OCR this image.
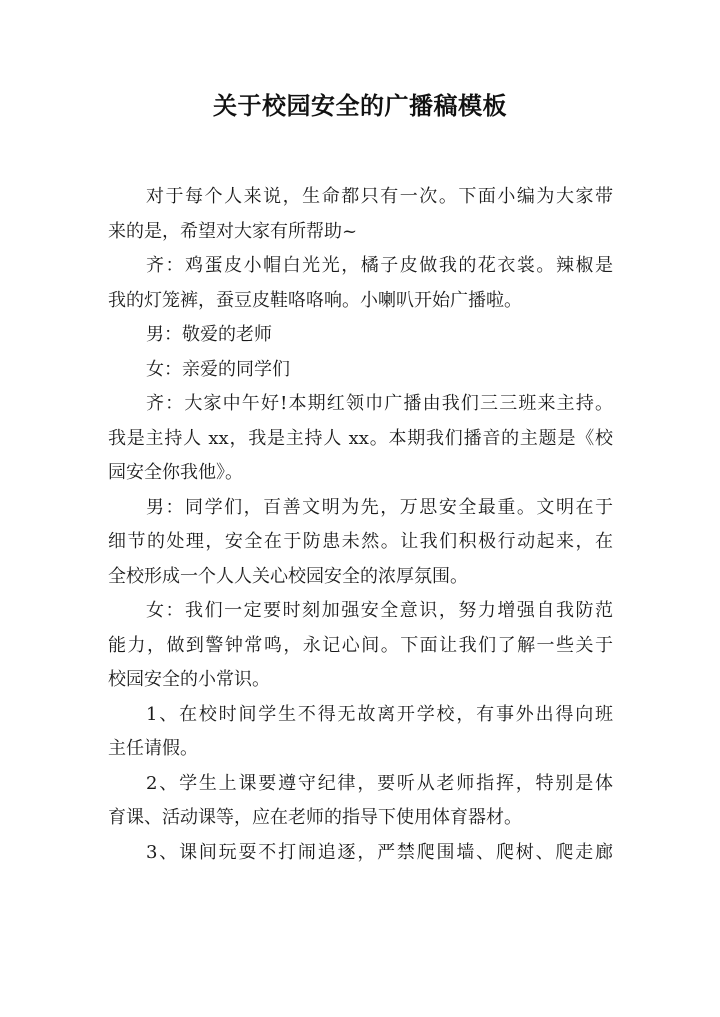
关于校园安全的广播稿模板
对于每个人来说，生命都只有一次。下面小编为大家带
来的是，希望对大家有所帮助~
齐：鸡蛋皮小帽白光光，橘子皮做我的花衣裳。辣椒是
我的灯笼裤，蚕豆皮鞋咯咯响。小喇叭开始广播啦。
男：敬爱的老师
女：亲爱的同学们
齐：大家中午好!本期红领巾广播由我们三三班来主持。
我是主持人 xx，我是主持人 xx。本期我们播音的主题是《校
园安全你我他》。
男：同学们，百善文明为先，万思安全最重。文明在于
细节的处理，安全在于防患未然。让我们积极行动起来，在
全校形成一个人人关心校园安全的浓厚氛围。
女：我们一定要时刻加强安全意识，努力增强自我防范
能力，做到警钟常鸣，永记心间。下面让我们了解一些关于
校园安全的小常识。
1、在校时间学生不得无故离开学校，有事外出得向班
主任请假。
2、学生上课要遵守纪律，要听从老师指挥，特别是体
育课、活动课等，应在老师的指导下使用体育器材。
3、课间玩耍不打闹追逐，严禁爬围墙、爬树、爬走廊
